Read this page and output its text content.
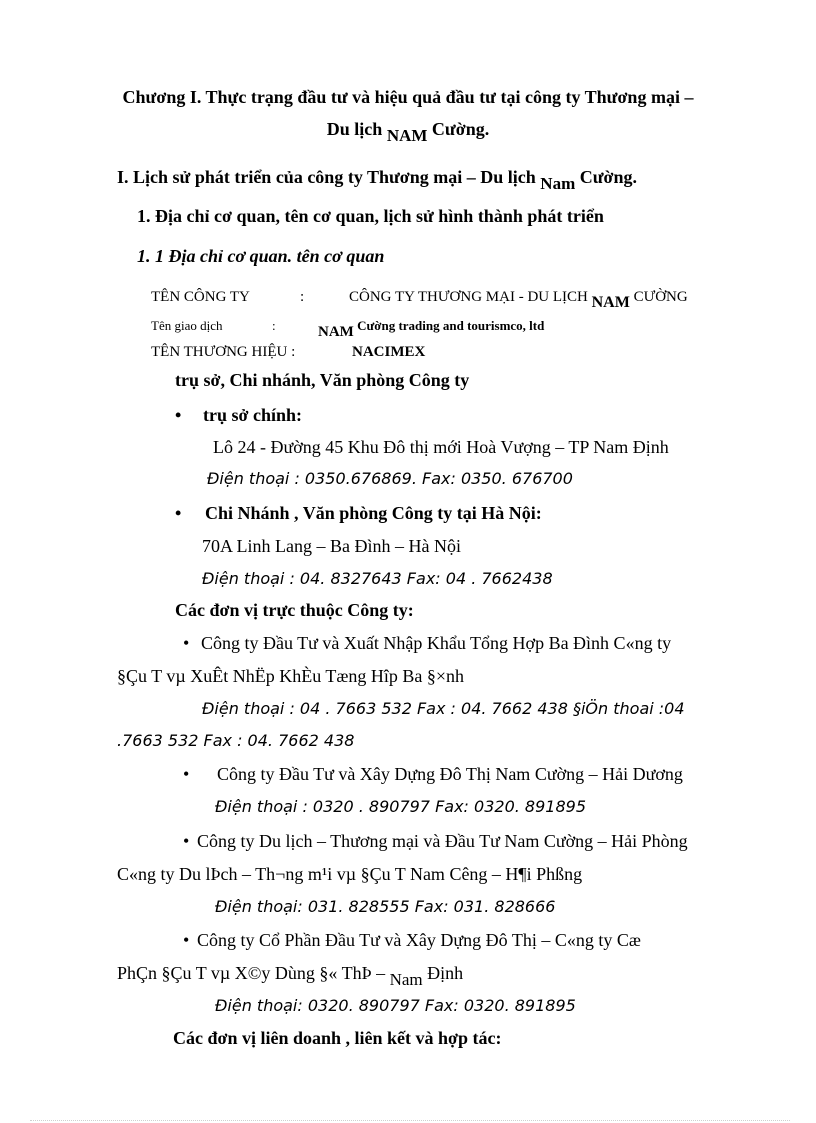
Chương I. Thực trạng đầu tư và hiệu quả đầu tư tại công ty Thương mại –
Du lịch NAM Cường.
I. Lịch sử phát triển của công ty Thương mại – Du lịch Nam Cường.
1. Địa chỉ cơ quan, tên cơ quan, lịch sử hình thành phát triển
1. 1 Địa chỉ cơ quan. tên cơ quan
TÊN CÔNG TY	:	CÔNG TY THƯƠNG MẠI - DU LỊCH NAM CƯỜNG
Tên giao dịch	:	NAM Cường trading and tourismco, ltd
TÊN THƯƠNG HIỆU :	NACIMEX
trụ sở, Chi nhánh, Văn phòng Công ty
• trụ sở chính:
Lô 24 - Đường 45 Khu Đô thị mới Hoà Vượng – TP Nam Định
Điện thoại : 0350.676869. Fax: 0350. 676700
• Chi Nhánh , Văn phòng Công ty tại Hà Nội:
70A Linh Lang – Ba Đình – Hà Nội
Điện thoại : 04. 8327643 Fax: 04 . 7662438
Các đơn vị trực thuộc Công ty:
• Công ty Đầu Tư và Xuất Nhập Khẩu Tổng Hợp Ba Đình C«ng ty
§Çu T vµ XuÊt NhËp KhÈu Tæng Hîp Ba §×nh
Điện thoại : 04 . 7663 532 Fax : 04. 7662 438 §iÖn thoai :04
.7663 532 Fax : 04. 7662 438
• Công ty Đầu Tư và Xây Dựng Đô Thị Nam Cường – Hải Dương
Điện thoại : 0320 . 890797 Fax: 0320. 891895
• Công ty Du lịch – Thương mại và Đầu Tư Nam Cường – Hải Phòng
C«ng ty Du lÞch – Th¬ng m¹i vµ §Çu T Nam Cêng – H¶i Phßng
Điện thoại: 031. 828555 Fax: 031. 828666
• Công ty Cổ Phần Đầu Tư và Xây Dựng Đô Thị – C«ng ty Cæ
PhÇn §Çu T vµ X©y Dùng §« ThÞ – Nam Định
Điện thoại: 0320. 890797 Fax: 0320. 891895
Các đơn vị liên doanh , liên kết và hợp tác:
